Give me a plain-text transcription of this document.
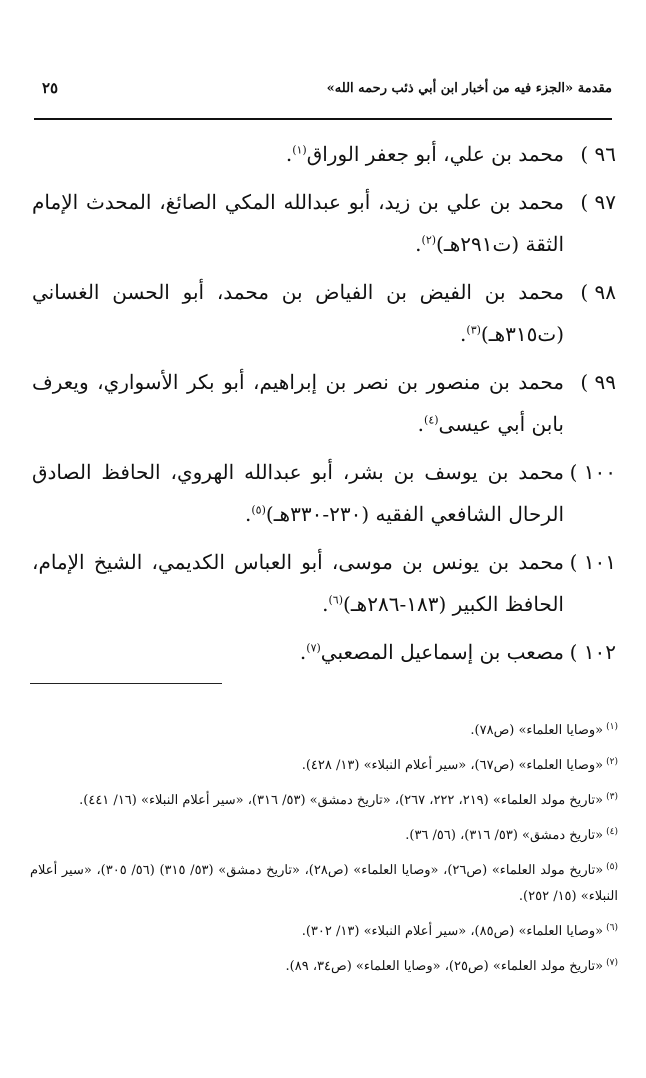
مقدمة «الجزء فيه من أخبار ابن أبي ذئب رحمه الله»
٢٥
٩٦ )
محمد بن علي، أبو جعفر الوراق$^{(١)}$.
٩٧ )
محمد بن علي بن زيد، أبو عبدالله المكي الصائغ، المحدث الإمام الثقة (ت٢٩١هـ)$^{(٢)}$.
٩٨ )
محمد بن الفيض بن الفياض بن محمد، أبو الحسن الغساني (ت٣١٥هـ)$^{(٣)}$.
٩٩ )
محمد بن منصور بن نصر بن إبراهيم، أبو بكر الأسواري، ويعرف بابن أبي عيسى$^{(٤)}$.
١٠٠ )
محمد بن يوسف بن بشر، أبو عبدالله الهروي، الحافظ الصادق الرحال الشافعي الفقيه (٢٣٠-٣٣٠هـ)$^{(٥)}$.
١٠١ )
محمد بن يونس بن موسى، أبو العباس الكديمي، الشيخ الإمام، الحافظ الكبير (١٨٣-٢٨٦هـ)$^{(٦)}$.
١٠٢ )
مصعب بن إسماعيل المصعبي$^{(٧)}$.
$^{(١)}$«وصايا العلماء» (ص٧٨).
$^{(٢)}$«وصايا العلماء» (ص٦٧)، «سير أعلام النبلاء» (١٣/ ٤٢٨).
$^{(٣)}$«تاريخ مولد العلماء» (٢١٩، ٢٢٢، ٢٦٧)، «تاريخ دمشق» (٥٣/ ٣١٦)، «سير أعلام النبلاء» (١٦/ ٤٤١).
$^{(٤)}$«تاريخ دمشق» (٥٣/ ٣١٦)، (٥٦/ ٣٦).
$^{(٥)}$«تاريخ مولد العلماء» (ص٢٦)، «وصايا العلماء» (ص٢٨)، «تاريخ دمشق» (٥٣/ ٣١٥) (٥٦/ ٣٠٥)، «سير أعلام النبلاء» (١٥/ ٢٥٢).
$^{(٦)}$«وصايا العلماء» (ص٨٥)، «سير أعلام النبلاء» (١٣/ ٣٠٢).
$^{(٧)}$«تاريخ مولد العلماء» (ص٢٥)، «وصايا العلماء» (ص٣٤، ٨٩).
